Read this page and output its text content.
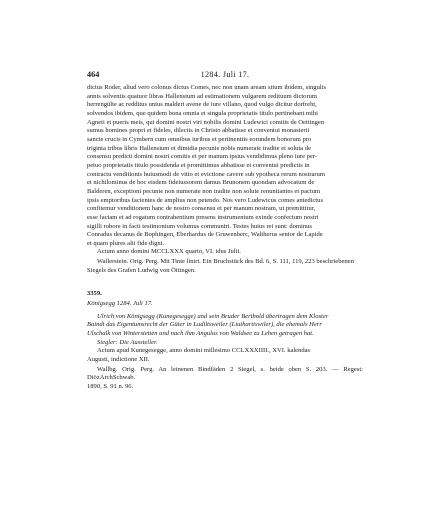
464	1284. Juli 17.

dictus Roder, aliud vero colonus dictus Comes, nec non unam aream situm ibidem, singulis

annis solventis quatuor libras Hallensium ad estimationem vulgarem redituum dictorum

herrengülte ac redditus unius malderi avene de iure villano, quod vulgo dicitur dorfreht,

solvendos ibidem, que quidem bona omnia et singula proprietatis titulo pertinebant mihi

Agneti et pueris meis, qui domini nostri viri nobilis domini Ludewici comitis de Oettingen

sumus homines propri et fideles, dilectis in Christo abbatisse et conventui monasterii

sancte crucis in Cymbern cum omnibus iuribus et pertinentiis eorundem bonorum pro

triginta tribus libris Hallensium et dimidia pecunie nobis numerate tradite et soluta de

consensu predicti domini nostri comitis et per manum ipsius vendidimus pleno iure per-

petuo proprietatis titulo possidenda et promittimus abbatisse et conventui predictis in

contractu venditionis huiusmodi de vitio et evictione cavere sub ypotheca rerum nostrarum

et nichilominus de hoc eisdem fideiussorem damus Brunonem quondam advocatum de

Balderen, exceptioni pecunie non numerate non tradite non solute renuntiantes et pactum

ipsis emptoribus facientes de amplius non petendo. Nos vero Ludewicus comes antedictus

confitemur venditionem hanc de nostro consensu et per manum nostram, ut premittitur,

esse factam et ad rogatum contrahentium presens instrumentum exinde confectum nostri

sigilli robore in facti testimonium volumus communiri. Testes huius rei sunt: dominus

Conradus decanus de Bophingen, Eberhardus de Gruwenberc, Waltherus senior de Lapide

et quam plures alii fide digni.

Actum anno domini MCCLXXX quarto, VI. idus Julii.

Wallerstein. Orig. Perg. Mit Tinte linirt. Ein Bruchstück des Bd. 6, S. 111, 119, 223 beschriebenen

Siegels des Grafen Ludwig von Öttingen.

3359.

Königsegg 1284. Juli 17.

Ulrich von Königsegg (Kunegesegge) und sein Bruder Berthold übertragen dem Kloster

Baindt das Eigentumsrecht der Güter in Ludiltsweiler (Liuthartiswiler), die ehemals Herr

Ulschalk von Winterstetten und nach ihm Angulus von Waldsee zu Lehen getragen hat.

Siegler: Die Aussteller.

Actum apud Kunegesegge, anno domini millesimo CCLXXXIIII., XVI. kalendas

Augusti, indictione XII.

Wallbg. Orig. Perg. An leinenen Bindfäden 2 Siegel, s. beide oben S. 203. — Regest: DiözArchSchwab.

1890, S. 91 n. 96.
